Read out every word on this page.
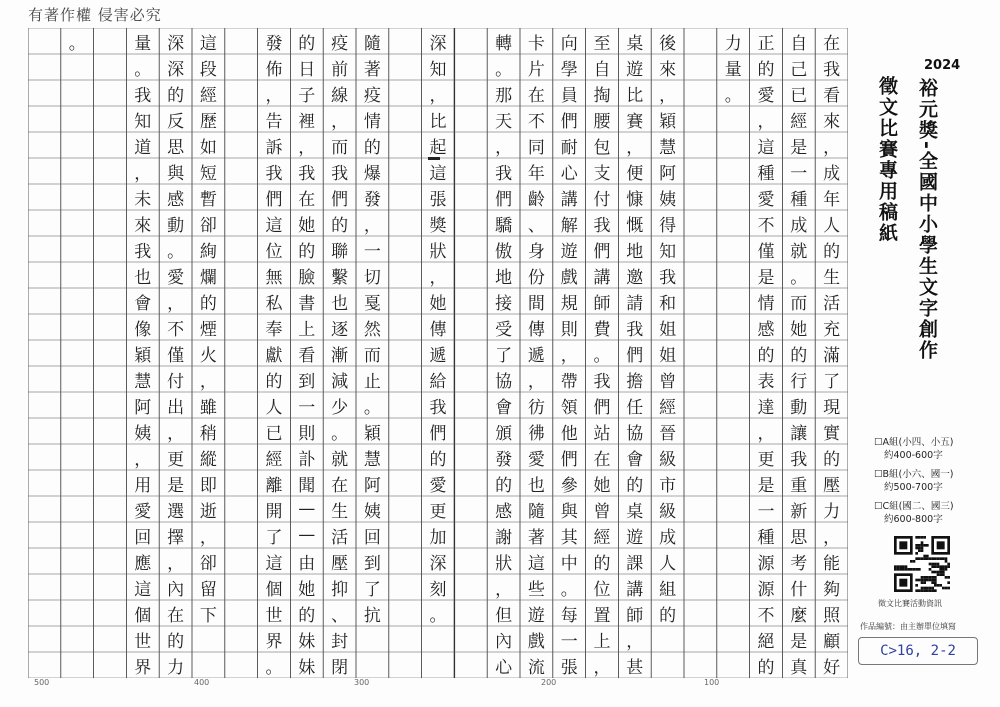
有著作權 侵害必究
在
我
看
來
，
成
年
人
的
生
活
充
滿
了
現
實
的
壓
力
，
能
夠
照
顧
好
自
己
已
經
是
一
種
成
就
。
而
她
的
行
動
讓
我
重
新
思
考
什
麼
是
真
正
的
愛
，
這
種
愛
不
僅
是
情
感
的
表
達
，
更
是
一
種
源
源
不
絕
的
力
量
。
後
來
，
穎
慧
阿
姨
得
知
我
和
姐
姐
曾
經
晉
級
市
級
成
人
組
的
桌
遊
比
賽
，
便
慷
慨
地
邀
請
我
們
擔
任
協
會
的
桌
遊
課
講
師
，
甚
至
自
掏
腰
包
支
付
我
們
講
師
費
。
我
們
站
在
她
曾
經
的
位
置
上
，
向
學
員
們
耐
心
講
解
遊
戲
規
則
，
帶
領
他
們
參
與
其
中
。
每
一
張
卡
片
在
不
同
年
齡
、
身
份
間
傳
遞
，
彷
彿
愛
也
隨
著
這
些
遊
戲
流
轉
。
那
天
，
我
們
驕
傲
地
接
受
了
協
會
頒
發
的
感
謝
狀
，
但
內
心
深
知
，
比
起
這
張
獎
狀
，
她
傳
遞
給
我
們
的
愛
更
加
深
刻
。
隨
著
疫
情
的
爆
發
，
一
切
戛
然
而
止
。
穎
慧
阿
姨
回
到
了
抗
疫
前
線
，
而
我
們
的
聯
繫
也
逐
漸
減
少
。
就
在
生
活
壓
抑
、
封
閉
的
日
子
裡
，
我
在
她
的
臉
書
上
看
到
一
則
訃
聞
—
—
由
她
的
妹
妹
發
佈
，
告
訴
我
們
這
位
無
私
奉
獻
的
人
已
經
離
開
了
這
個
世
界
。
這
段
經
歷
如
短
暫
卻
絢
爛
的
煙
火
，
雖
稍
縱
即
逝
，
卻
留
下
深
深
的
反
思
與
感
動
。
愛
，
不
僅
付
出
，
更
是
選
擇
，
內
在
的
力
量
。
我
知
道
，
未
來
我
也
會
像
穎
慧
阿
姨
，
用
愛
回
應
這
個
世
界
。
2024
裕元獎-全國中小學生文字創作
徵文比賽專用稿紙
☐A組(小四、小五)
約400-600字
☐B組(小六、國一)
約500-700字
☐C組(國二、國三)
約600-800字
徵文比賽活動資訊
作品編號：由主辦單位填寫
C>16, 2-2
500	400	300	200	100
